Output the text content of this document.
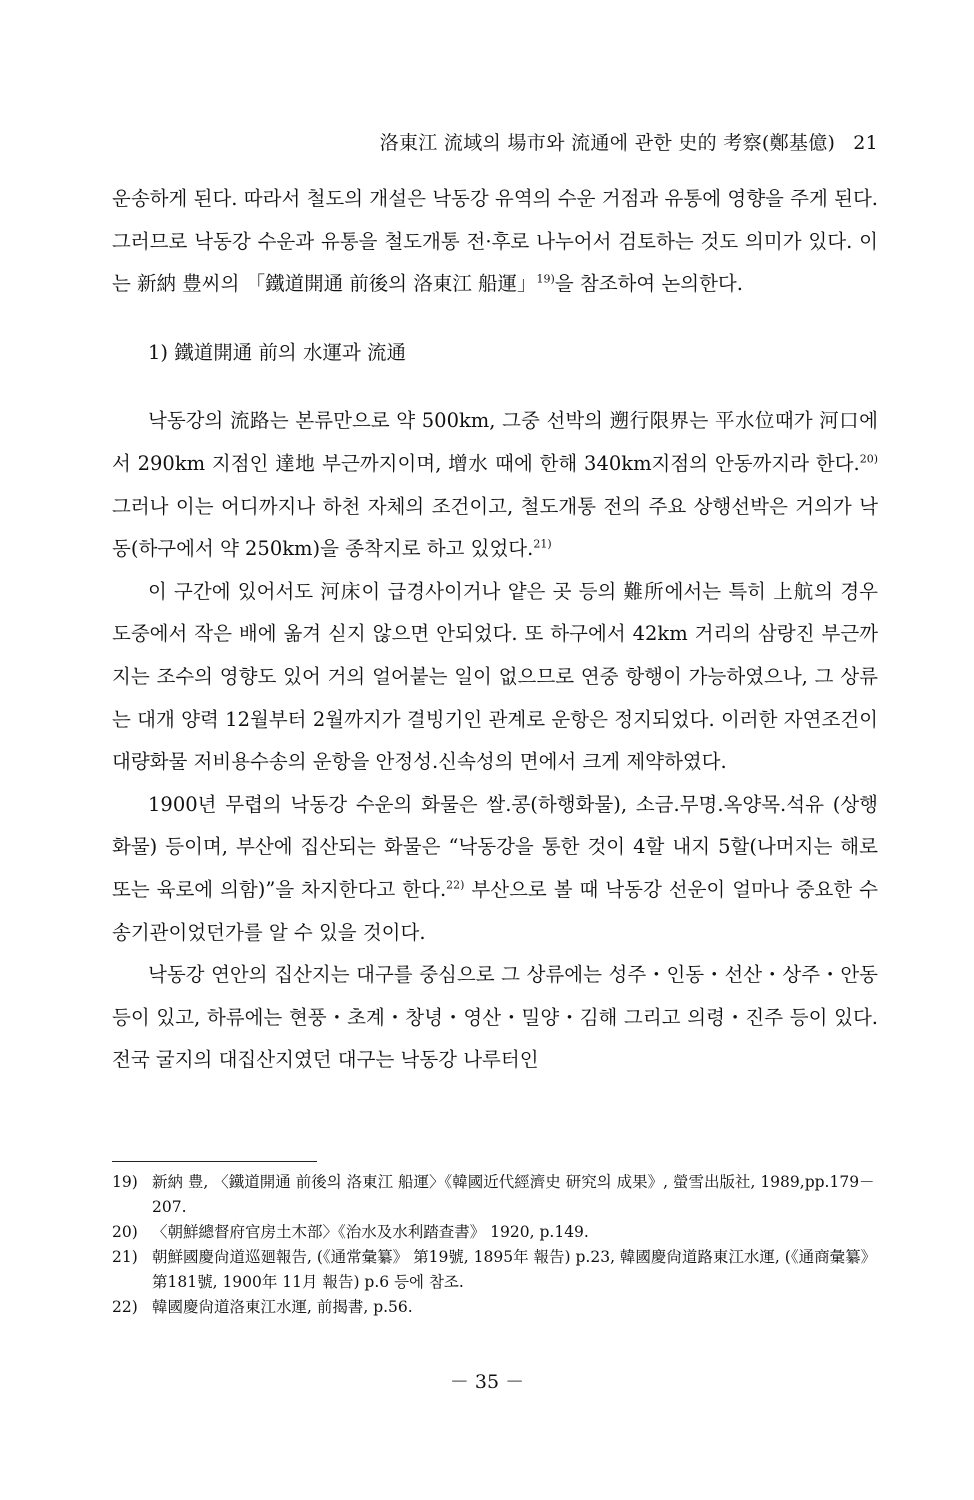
洛東江 流域의 場市와 流通에 관한 史的 考察(鄭基億) 21

운송하게 된다. 따라서 철도의 개설은 낙동강 유역의 수운 거점과 유통에 영향을 주게 된다. 그러므로 낙동강 수운과 유통을 철도개통 전·후로 나누어서 검토하는 것도 의미가 있다. 이는 新納 豊씨의 「鐵道開通 前後의 洛東江 船運」$^{19)}$을 참조하여 논의한다.

1) 鐵道開通 前의 水運과 流通

낙동강의 流路는 본류만으로 약 500km, 그중 선박의 遡行限界는 平水位때가 河口에서 290km 지점인 達地 부근까지이며, 增水 때에 한해 340km지점의 안동까지라 한다.$^{20)}$ 그러나 이는 어디까지나 하천 자체의 조건이고, 철도개통 전의 주요 상행선박은 거의가 낙동(하구에서 약 250km)을 종착지로 하고 있었다.$^{21)}$

이 구간에 있어서도 河床이 급경사이거나 얕은 곳 등의 難所에서는 특히 上航의 경우 도중에서 작은 배에 옮겨 싣지 않으면 안되었다. 또 하구에서 42km 거리의 삼랑진 부근까지는 조수의 영향도 있어 거의 얼어붙는 일이 없으므로 연중 항행이 가능하였으나, 그 상류는 대개 양력 12월부터 2월까지가 결빙기인 관계로 운항은 정지되었다. 이러한 자연조건이 대량화물 저비용수송의 운항을 안정성.신속성의 면에서 크게 제약하였다.

1900년 무렵의 낙동강 수운의 화물은 쌀.콩(하행화물), 소금.무명.옥양목.석유 (상행화물) 등이며, 부산에 집산되는 화물은 “낙동강을 통한 것이 4할 내지 5할(나머지는 해로 또는 육로에 의함)”을 차지한다고 한다.$^{22)}$ 부산으로 볼 때 낙동강 선운이 얼마나 중요한 수송기관이었던가를 알 수 있을 것이다.

낙동강 연안의 집산지는 대구를 중심으로 그 상류에는 성주・인동・선산・상주・안동 등이 있고, 하류에는 현풍・초계・창녕・영산・밀양・김해 그리고 의령・진주 등이 있다. 전국 굴지의 대집산지였던 대구는 낙동강 나루터인

19) 新納 豊, 〈鐵道開通 前後의 洛東江 船運〉《韓國近代經濟史 研究의 成果》, 螢雪出版社, 1989,pp.179－207.

20) 〈朝鮮總督府官房土木部〉《治水及水利踏查書》 1920, p.149.

21) 朝鮮國慶尙道巡廻報告, (《通常彙纂》 第19號, 1895年 報告) p.23, 韓國慶尙道路東江水運, (《通商彙纂》 第181號, 1900年 11月 報告) p.6 등에 참조.

22) 韓國慶尙道洛東江水運, 前揭書, p.56.

－ 35 －
